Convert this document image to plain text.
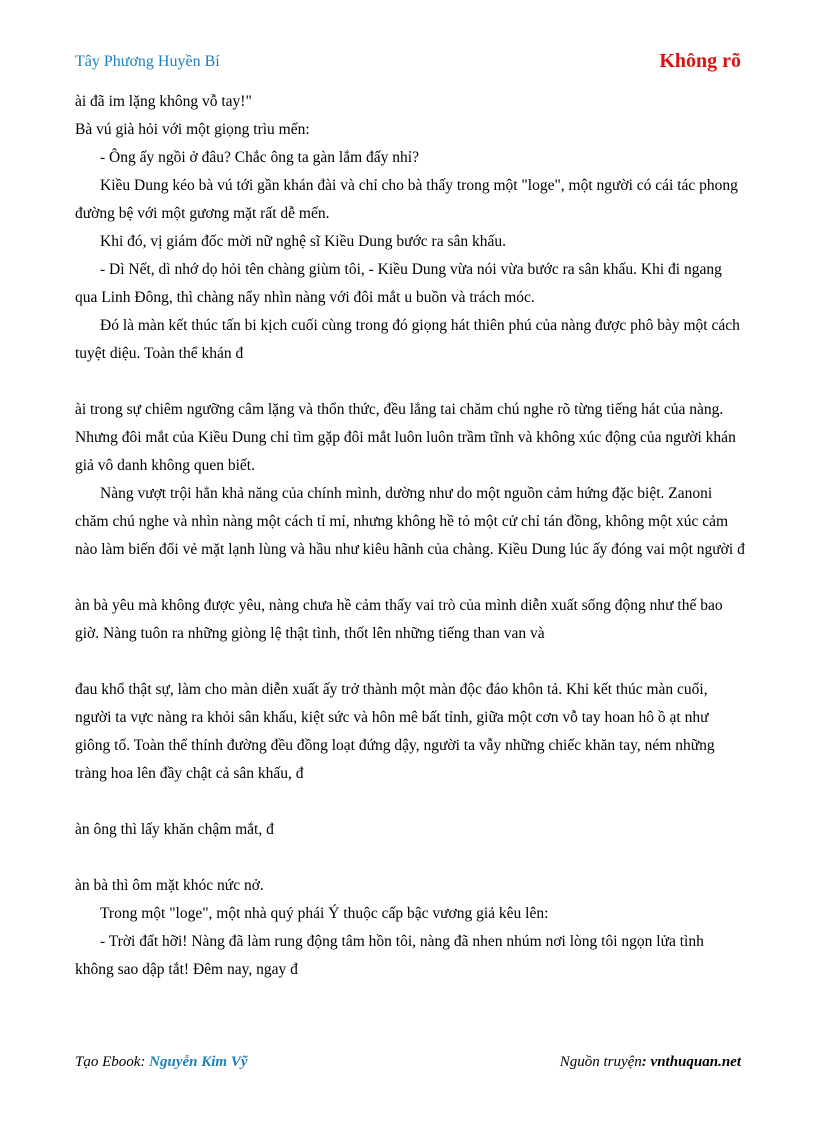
Tây Phương Huyền Bí	Không rõ

ài đã im lặng không vỗ tay!"

Bà vú già hỏi với một giọng trìu mến:

- Ông ấy ngồi ở đâu? Chắc ông ta gàn lắm đấy nhỉ?

Kiều Dung kéo bà vú tới gần khán đài và chỉ cho bà thấy trong một "loge", một người có cái tác phong đường bệ với một gương mặt rất dễ mến.

Khi đó, vị giám đốc mời nữ nghệ sĩ Kiều Dung bước ra sân khấu.

- Dì Nết, dì nhớ dọ hỏi tên chàng giùm tôi, - Kiều Dung vừa nói vừa bước ra sân khấu. Khi đi ngang qua Linh Đông, thì chàng nẩy nhìn nàng với đôi mắt u buồn và trách móc.

Đó là màn kết thúc tấn bi kịch cuối cùng trong đó giọng hát thiên phú của nàng được phô bày một cách tuyệt diệu. Toàn thể khán đ

ài trong sự chiêm ngưỡng câm lặng và thổn thức, đều lắng tai chăm chú nghe rõ từng tiếng hát của nàng. Nhưng đôi mắt của Kiều Dung chỉ tìm gặp đôi mắt luôn luôn trầm tĩnh và không xúc động của người khán giả vô danh không quen biết.

Nàng vượt trội hẳn khả năng của chính mình, dường như do một nguồn cảm hứng đặc biệt. Zanoni chăm chú nghe và nhìn nàng một cách tỉ mỉ, nhưng không hề tỏ một cử chỉ tán đồng, không một xúc cảm nào làm biến đổi vẻ mặt lạnh lùng và hầu như kiêu hãnh của chàng. Kiều Dung lúc ấy đóng vai một người đ

àn bà yêu mà không được yêu, nàng chưa hề cảm thấy vai trò của mình diễn xuất sống động như thế bao giờ. Nàng tuôn ra những giòng lệ thật tình, thốt lên những tiếng than van và

đau khổ thật sự, làm cho màn diễn xuất ấy trở thành một màn độc đáo khôn tả. Khi kết thúc màn cuối, người ta vực nàng ra khỏi sân khấu, kiệt sức và hôn mê bất tỉnh, giữa một cơn vỗ tay hoan hô ồ ạt như giông tố. Toàn thể thính đường đều đồng loạt đứng dậy, người ta vẫy những chiếc khăn tay, ném những tràng hoa lên đầy chật cả sân khấu, đ

àn ông thì lấy khăn chậm mắt, đ

àn bà thì ôm mặt khóc nức nở.

Trong một "loge", một nhà quý phái Ý thuộc cấp bậc vương giả kêu lên:

- Trời đất hỡi! Nàng đã làm rung động tâm hồn tôi, nàng đã nhen nhúm nơi lòng tôi ngọn lửa tình không sao dập tắt! Đêm nay, ngay đ

Tạo Ebook: Nguyễn Kim Vỹ	Nguồn truyện: vnthuquan.net
